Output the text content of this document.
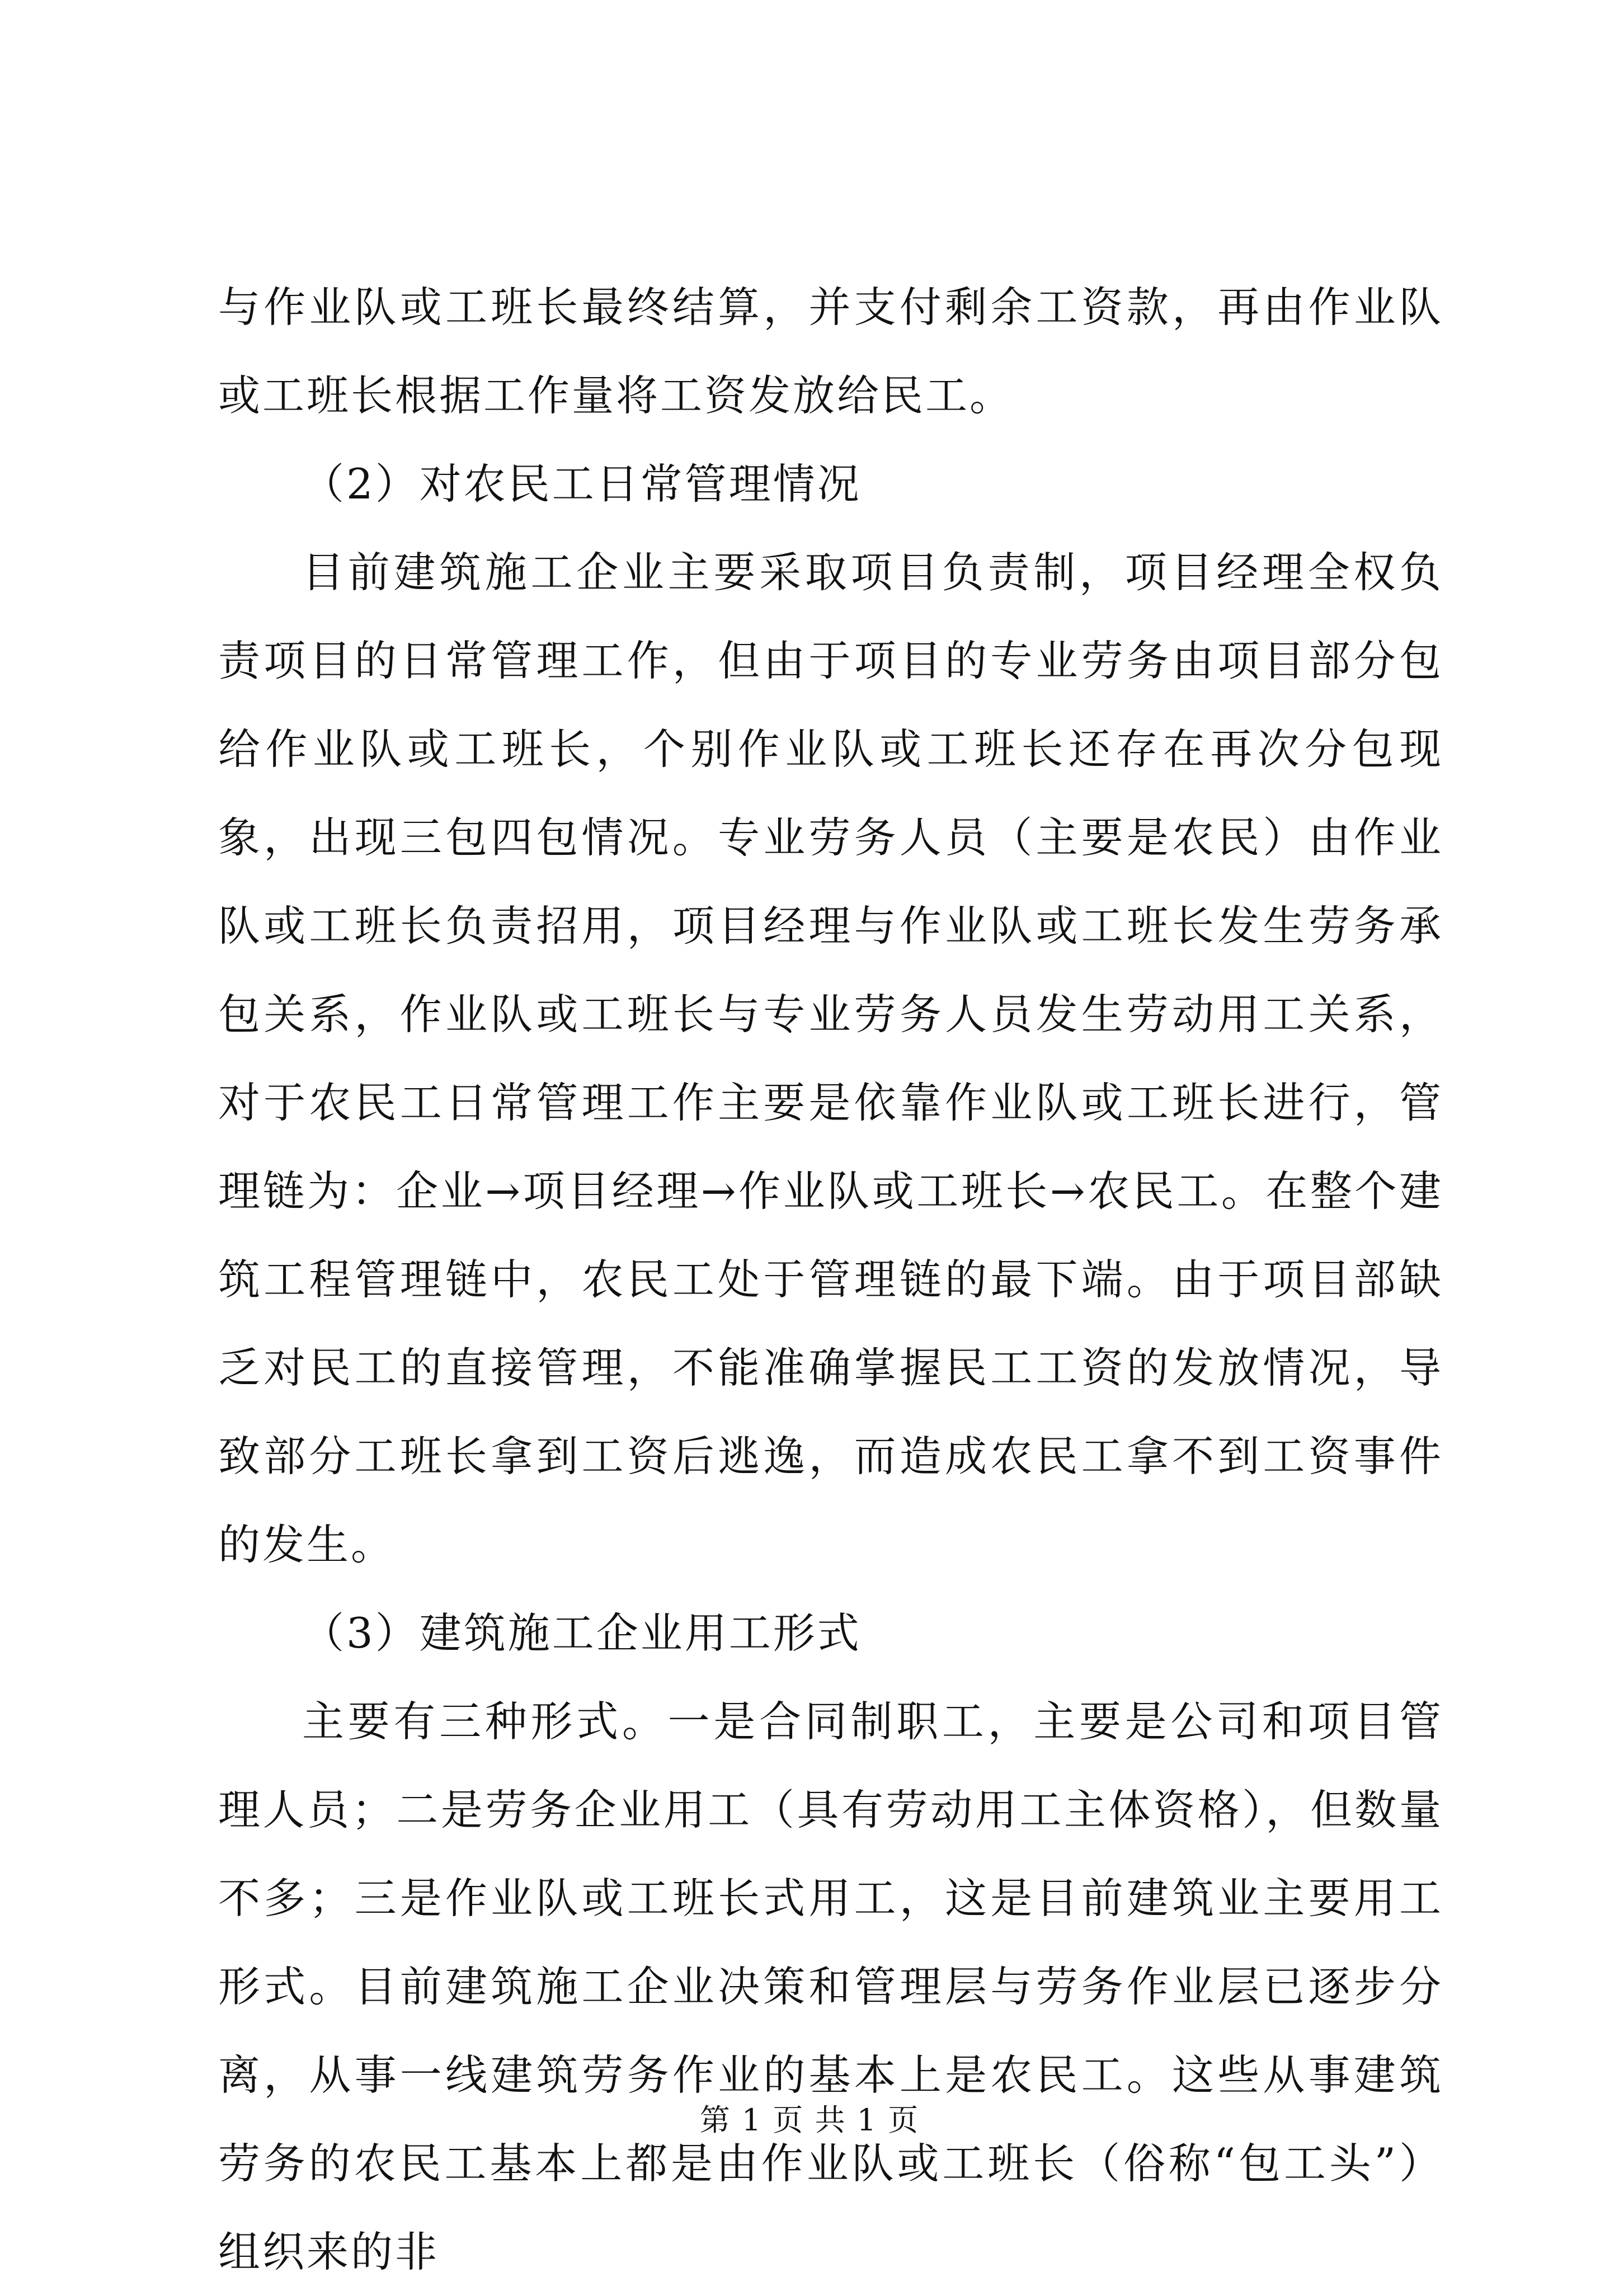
与作业队或工班长最终结算，并支付剩余工资款，再由作业队或工班长根据工作量将工资发放给民工。

（2）对农民工日常管理情况

目前建筑施工企业主要采取项目负责制，项目经理全权负责项目的日常管理工作，但由于项目的专业劳务由项目部分包给作业队或工班长，个别作业队或工班长还存在再次分包现象，出现三包四包情况。专业劳务人员（主要是农民）由作业队或工班长负责招用，项目经理与作业队或工班长发生劳务承包关系，作业队或工班长与专业劳务人员发生劳动用工关系，对于农民工日常管理工作主要是依靠作业队或工班长进行，管理链为：企业→项目经理→作业队或工班长→农民工。在整个建筑工程管理链中，农民工处于管理链的最下端。由于项目部缺乏对民工的直接管理，不能准确掌握民工工资的发放情况，导致部分工班长拿到工资后逃逸，而造成农民工拿不到工资事件的发生。

（3）建筑施工企业用工形式

主要有三种形式。一是合同制职工，主要是公司和项目管理人员；二是劳务企业用工（具有劳动用工主体资格），但数量不多；三是作业队或工班长式用工，这是目前建筑业主要用工形式。目前建筑施工企业决策和管理层与劳务作业层已逐步分离，从事一线建筑劳务作业的基本上是农民工。这些从事建筑劳务的农民工基本上都是由作业队或工班长（俗称“包工头”）组织来的非

第 1 页 共 1 页
